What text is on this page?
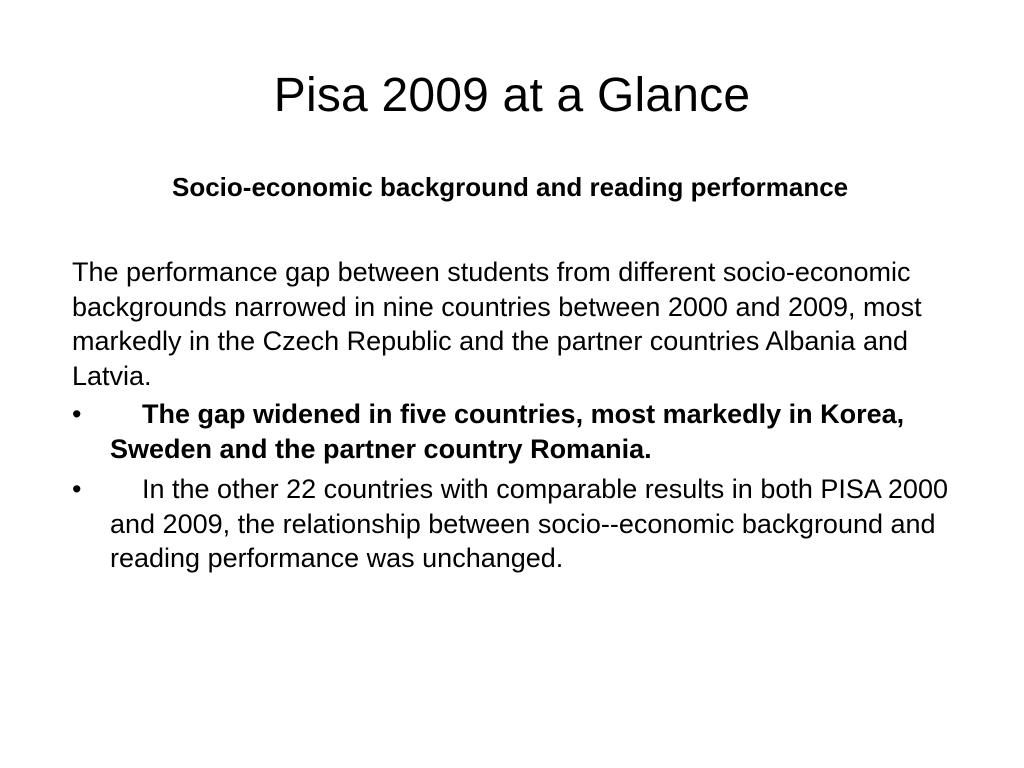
Pisa 2009 at a Glance
Socio-economic background and reading performance

The performance gap between students from different socio-economic backgrounds narrowed in nine countries between 2000 and 2009, most markedly in the Czech Republic and the partner countries Albania and Latvia.

•	The gap widened in five countries, most markedly in Korea, Sweden and the partner country Romania.
•	In the other 22 countries with comparable results in both PISA 2000 and 2009, the relationship between socio--economic background and reading performance was unchanged.
